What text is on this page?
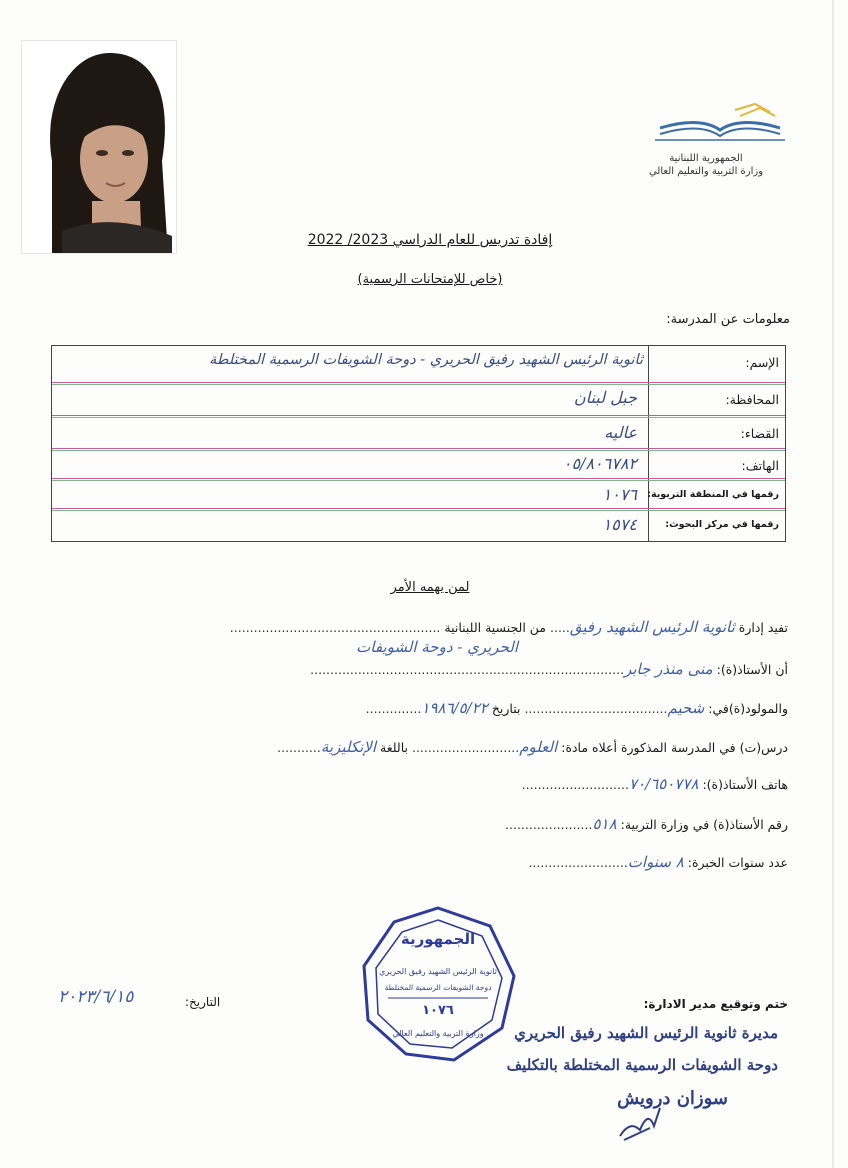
الجمهورية اللبنانية
وزارة التربية والتعليم العالي
إفادة تدريس للعام الدراسي 2023/ 2022
(خاص للإمتحانات الرسمية)
معلومات عن المدرسة:
الإسم:
ثانوية الرئيس الشهيد رفيق الحريري - دوحة الشويفات الرسمية المختلطة
المحافظة:
جبل لبنان
القضاء:
عاليه
الهاتف:
٠٥/٨٠٦٧٨٢
رقمها في المنطقة التربوية:
١٠٧٦
رقمها في مركز البحوث:
١٥٧٤
لمن يهمه الأمر
تفيد إدارة ثانوية الرئيس الشهيد رفيق..... من الجنسية اللبنانية .....................................................
الحريري - دوحة الشويفات
أن الأستاذ(ة): منى منذر جابر...............................................................................
والمولود(ة)في: شحيم.................................... بتاريخ ١٩٨٦/٥/٢٢..............
درس(ت) في المدرسة المذكورة أعلاه مادة: العلوم........................... باللغة الإنكليزية...........
هاتف الأستاذ(ة): ٧٠/٦٥٠٧٧٨...........................
رقم الأستاذ(ة) في وزارة التربية: ٥١٨......................
عدد سنوات الخبرة: ٨ سنوات.........................
الجمهورية
ثانوية الرئيس الشهيد رفيق الحريري
دوحة الشويفات الرسمية المختلطة
١٠٧٦
وزارة التربية والتعليم العالي
التاريخ:
٢٠٢٣/٦/١٥	ختم وتوقيع مدير الادارة:
مديرة ثانوية الرئيس الشهيد رفيق الحريري
دوحة الشويفات الرسمية المختلطة بالتكليف
سوزان درويش
